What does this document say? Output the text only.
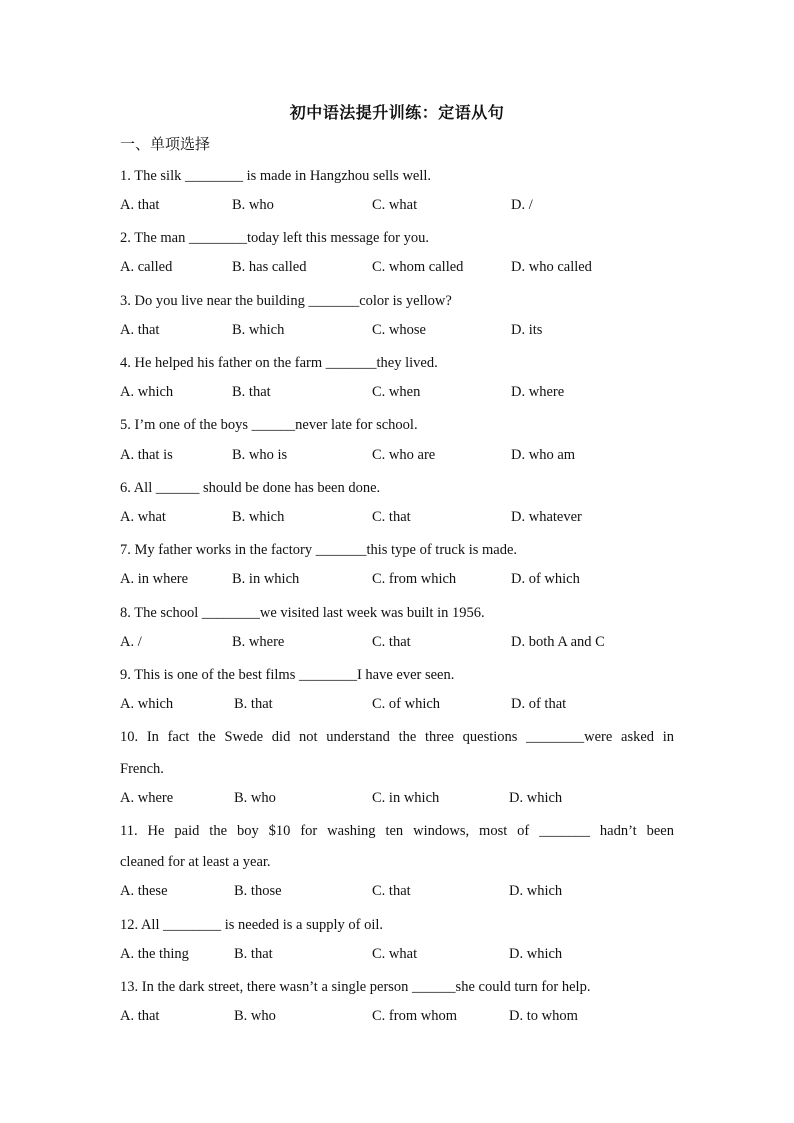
初中语法提升训练：定语从句
一、单项选择
1. The silk ________ is made in Hangzhou sells well.
A. that	B. who	C. what	D. /
2. The man ________today left this message for you.
A. called	B. has called	C. whom called	D. who called
3. Do you live near the building _______color is yellow?
A. that	B. which	C. whose	D. its
4. He helped his father on the farm _______they lived.
A. which	B. that	C. when	D. where
5. I’m one of the boys ______never late for school.
A. that is	B. who is	C. who are	D. who am
6. All ______ should be done has been done.
A. what	B. which	C. that	D. whatever
7. My father works in the factory _______this type of truck is made.
A. in where	B. in which	C. from which	D. of which
8. The school ________we visited last week was built in 1956.
A. /	B. where	C. that	D. both A and C
9. This is one of the best films ________I have ever seen.
A. which	B. that	C. of which	D. of that
10. In fact the Swede did not understand the three questions ________were asked in
French.
A. where	B. who	C. in which	D. which
11. He paid the boy $10 for washing ten windows, most of _______ hadn’t been
cleaned for at least a year.
A. these	B. those	C. that	D. which
12. All ________ is needed is a supply of oil.
A. the thing	B. that	C. what	D. which
13. In the dark street, there wasn’t a single person ______she could turn for help.
A. that	B. who	C. from whom	D. to whom
